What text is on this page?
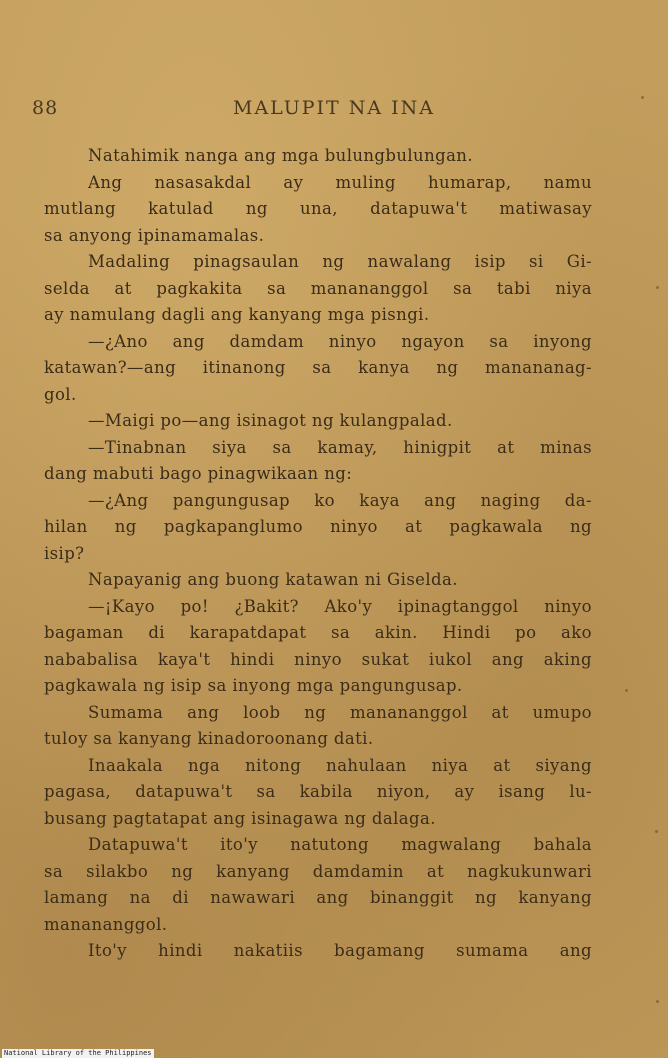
88	MALUPIT NA INA
Natahimik nanga ang mga bulungbulungan.
Ang nasasakdal ay muling humarap, namu
mutlang katulad ng una, datapuwa't matiwasay
sa anyong ipinamamalas.
Madaling pinagsaulan ng nawalang isip si Gi-
selda at pagkakita sa manananggol sa tabi niya
ay namulang dagli ang kanyang mga pisngi.
—¿Ano ang damdam ninyo ngayon sa inyong
katawan?—ang itinanong sa kanya ng manananag-
gol.
—Maigi po—ang isinagot ng kulangpalad.
—Tinabnan siya sa kamay, hinigpit at minas
dang mabuti bago pinagwikaan ng:
—¿Ang pangungusap ko kaya ang naging da-
hilan ng pagkapanglumo ninyo at pagkawala ng
isip?
Napayanig ang buong katawan ni Giselda.
—¡Kayo po! ¿Bakit? Ako'y ipinagtanggol ninyo
bagaman di karapatdapat sa akin. Hindi po ako
nababalisa kaya't hindi ninyo sukat iukol ang aking
pagkawala ng isip sa inyong mga pangungusap.
Sumama ang loob ng manananggol at umupo
tuloy sa kanyang kinadoroonang dati.
Inaakala nga nitong nahulaan niya at siyang
pagasa, datapuwa't sa kabila niyon, ay isang lu-
busang pagtatapat ang isinagawa ng dalaga.
Datapuwa't ito'y natutong magwalang bahala
sa silakbo ng kanyang damdamin at nagkukunwari
lamang na di nawawari ang binanggit ng kanyang
manananggol.
Ito'y hindi nakatiis bagamang sumama ang
National Library of the Philippines
